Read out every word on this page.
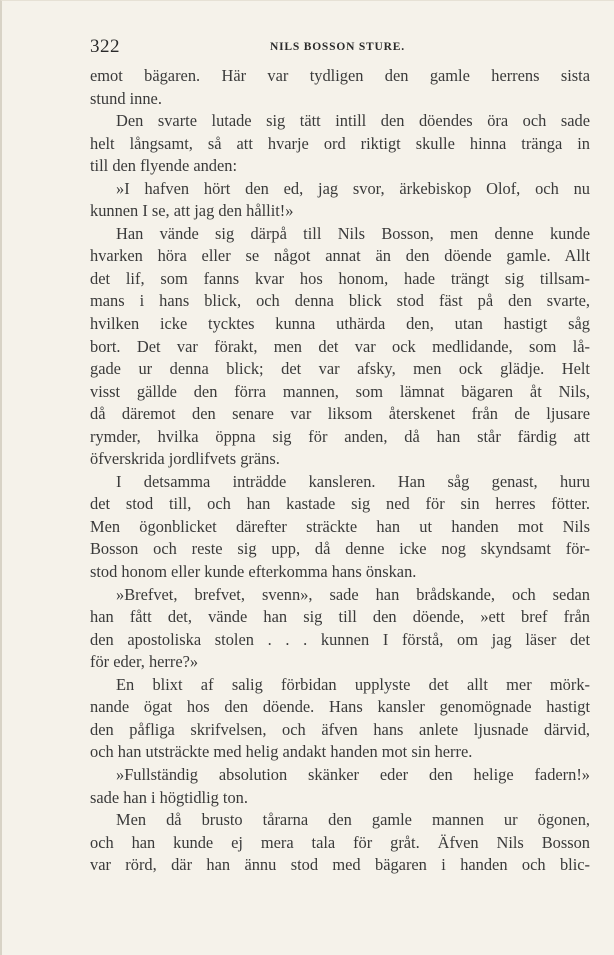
322	NILS BOSSON STURE.
emot bägaren. Här var tydligen den gamle herrens sista
stund inne.
Den svarte lutade sig tätt intill den döendes öra och sade
helt långsamt, så att hvarje ord riktigt skulle hinna tränga in
till den flyende anden:
»I hafven hört den ed, jag svor, ärkebiskop Olof, och nu
kunnen I se, att jag den hållit!»
Han vände sig därpå till Nils Bosson, men denne kunde
hvarken höra eller se något annat än den döende gamle. Allt
det lif, som fanns kvar hos honom, hade trängt sig tillsam-
mans i hans blick, och denna blick stod fäst på den svarte,
hvilken icke tycktes kunna uthärda den, utan hastigt såg
bort. Det var förakt, men det var ock medlidande, som lå-
gade ur denna blick; det var afsky, men ock glädje. Helt
visst gällde den förra mannen, som lämnat bägaren åt Nils,
då däremot den senare var liksom återskenet från de ljusare
rymder, hvilka öppna sig för anden, då han står färdig att
öfverskrida jordlifvets gräns.
I detsamma inträdde kansleren. Han såg genast, huru
det stod till, och han kastade sig ned för sin herres fötter.
Men ögonblicket därefter sträckte han ut handen mot Nils
Bosson och reste sig upp, då denne icke nog skyndsamt för-
stod honom eller kunde efterkomma hans önskan.
»Brefvet, brefvet, svenn», sade han brådskande, och sedan
han fått det, vände han sig till den döende, »ett bref från
den apostoliska stolen . . . kunnen I förstå, om jag läser det
för eder, herre?»
En blixt af salig förbidan upplyste det allt mer mörk-
nande ögat hos den döende. Hans kansler genomögnade hastigt
den påfliga skrifvelsen, och äfven hans anlete ljusnade därvid,
och han utsträckte med helig andakt handen mot sin herre.
»Fullständig absolution skänker eder den helige fadern!»
sade han i högtidlig ton.
Men då brusto tårarna den gamle mannen ur ögonen,
och han kunde ej mera tala för gråt. Äfven Nils Bosson
var rörd, där han ännu stod med bägaren i handen och blic-
